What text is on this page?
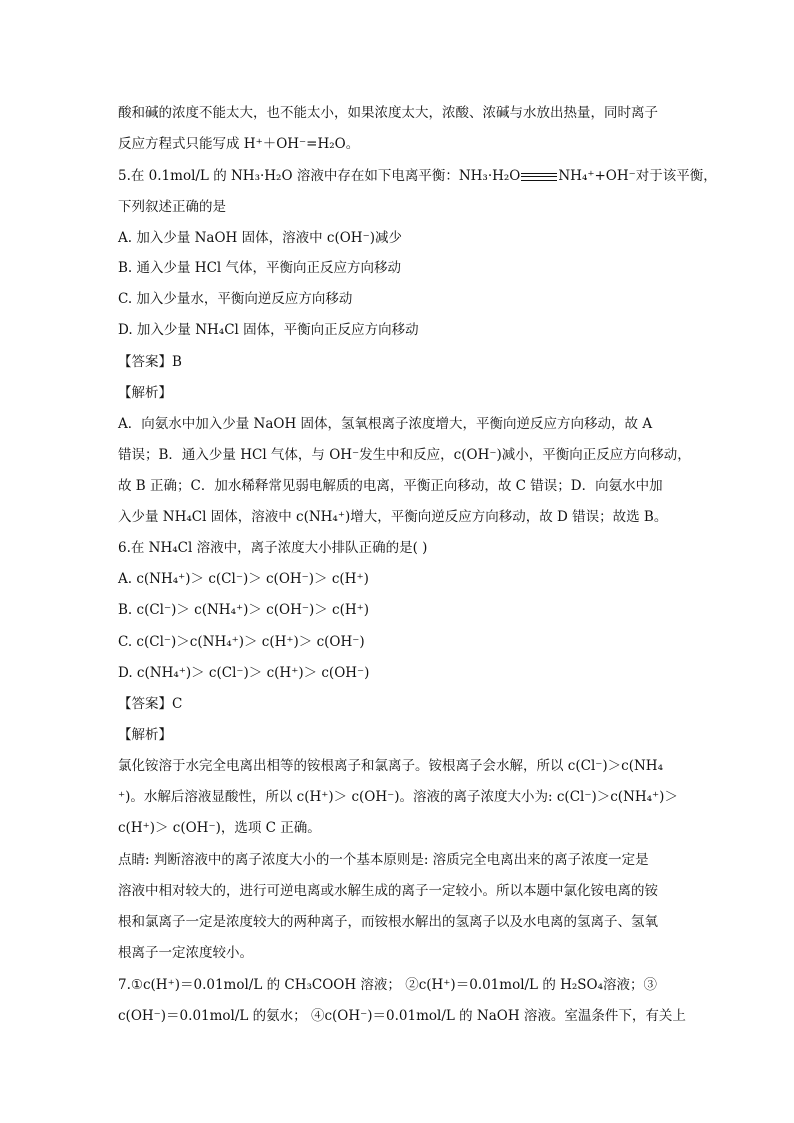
酸和碱的浓度不能太大，也不能太小，如果浓度太大，浓酸、浓碱与水放出热量，同时离子
反应方程式只能写成 H⁺＋OH⁻=H₂O。
5.在 0.1mol/L 的 NH₃·H₂O 溶液中存在如下电离平衡：NH₃·H₂O	NH₄⁺+OH⁻对于该平衡，
下列叙述正确的是
A. 加入少量 NaOH 固体，溶液中 c(OH⁻)减少
B. 通入少量 HCl 气体，平衡向正反应方向移动
C. 加入少量水，平衡向逆反应方向移动
D. 加入少量 NH₄Cl 固体，平衡向正反应方向移动
【答案】B
【解析】
A．向氨水中加入少量 NaOH 固体，氢氧根离子浓度增大，平衡向逆反应方向移动，故 A
错误；B．通入少量 HCl 气体，与 OH⁻发生中和反应，c(OH⁻)减小，平衡向正反应方向移动，
故 B 正确；C．加水稀释常见弱电解质的电离，平衡正向移动，故 C 错误；D．向氨水中加
入少量 NH₄Cl 固体，溶液中 c(NH₄⁺)增大，平衡向逆反应方向移动，故 D 错误；故选 B。
6.在 NH₄Cl 溶液中，离子浓度大小排队正确的是( )
A. c(NH₄⁺)＞ c(Cl⁻)＞ c(OH⁻)＞ c(H⁺)
B. c(Cl⁻)＞ c(NH₄⁺)＞ c(OH⁻)＞ c(H⁺)
C. c(Cl⁻)＞c(NH₄⁺)＞ c(H⁺)＞ c(OH⁻)
D. c(NH₄⁺)＞ c(Cl⁻)＞ c(H⁺)＞ c(OH⁻)
【答案】C
【解析】
氯化铵溶于水完全电离出相等的铵根离子和氯离子。铵根离子会水解，所以 c(Cl⁻)＞c(NH₄
⁺)。水解后溶液显酸性，所以 c(H⁺)＞ c(OH⁻)。溶液的离子浓度大小为: c(Cl⁻)＞c(NH₄⁺)＞
c(H⁺)＞ c(OH⁻)，选项 C 正确。
点睛: 判断溶液中的离子浓度大小的一个基本原则是: 溶质完全电离出来的离子浓度一定是
溶液中相对较大的，进行可逆电离或水解生成的离子一定较小。所以本题中氯化铵电离的铵
根和氯离子一定是浓度较大的两种离子，而铵根水解出的氢离子以及水电离的氢离子、氢氧
根离子一定浓度较小。
7.①c(H⁺)＝0.01mol/L 的 CH₃COOH 溶液； ②c(H⁺)＝0.01mol/L 的 H₂SO₄溶液；③
c(OH⁻)＝0.01mol/L 的氨水； ④c(OH⁻)＝0.01mol/L 的 NaOH 溶液。室温条件下，有关上
